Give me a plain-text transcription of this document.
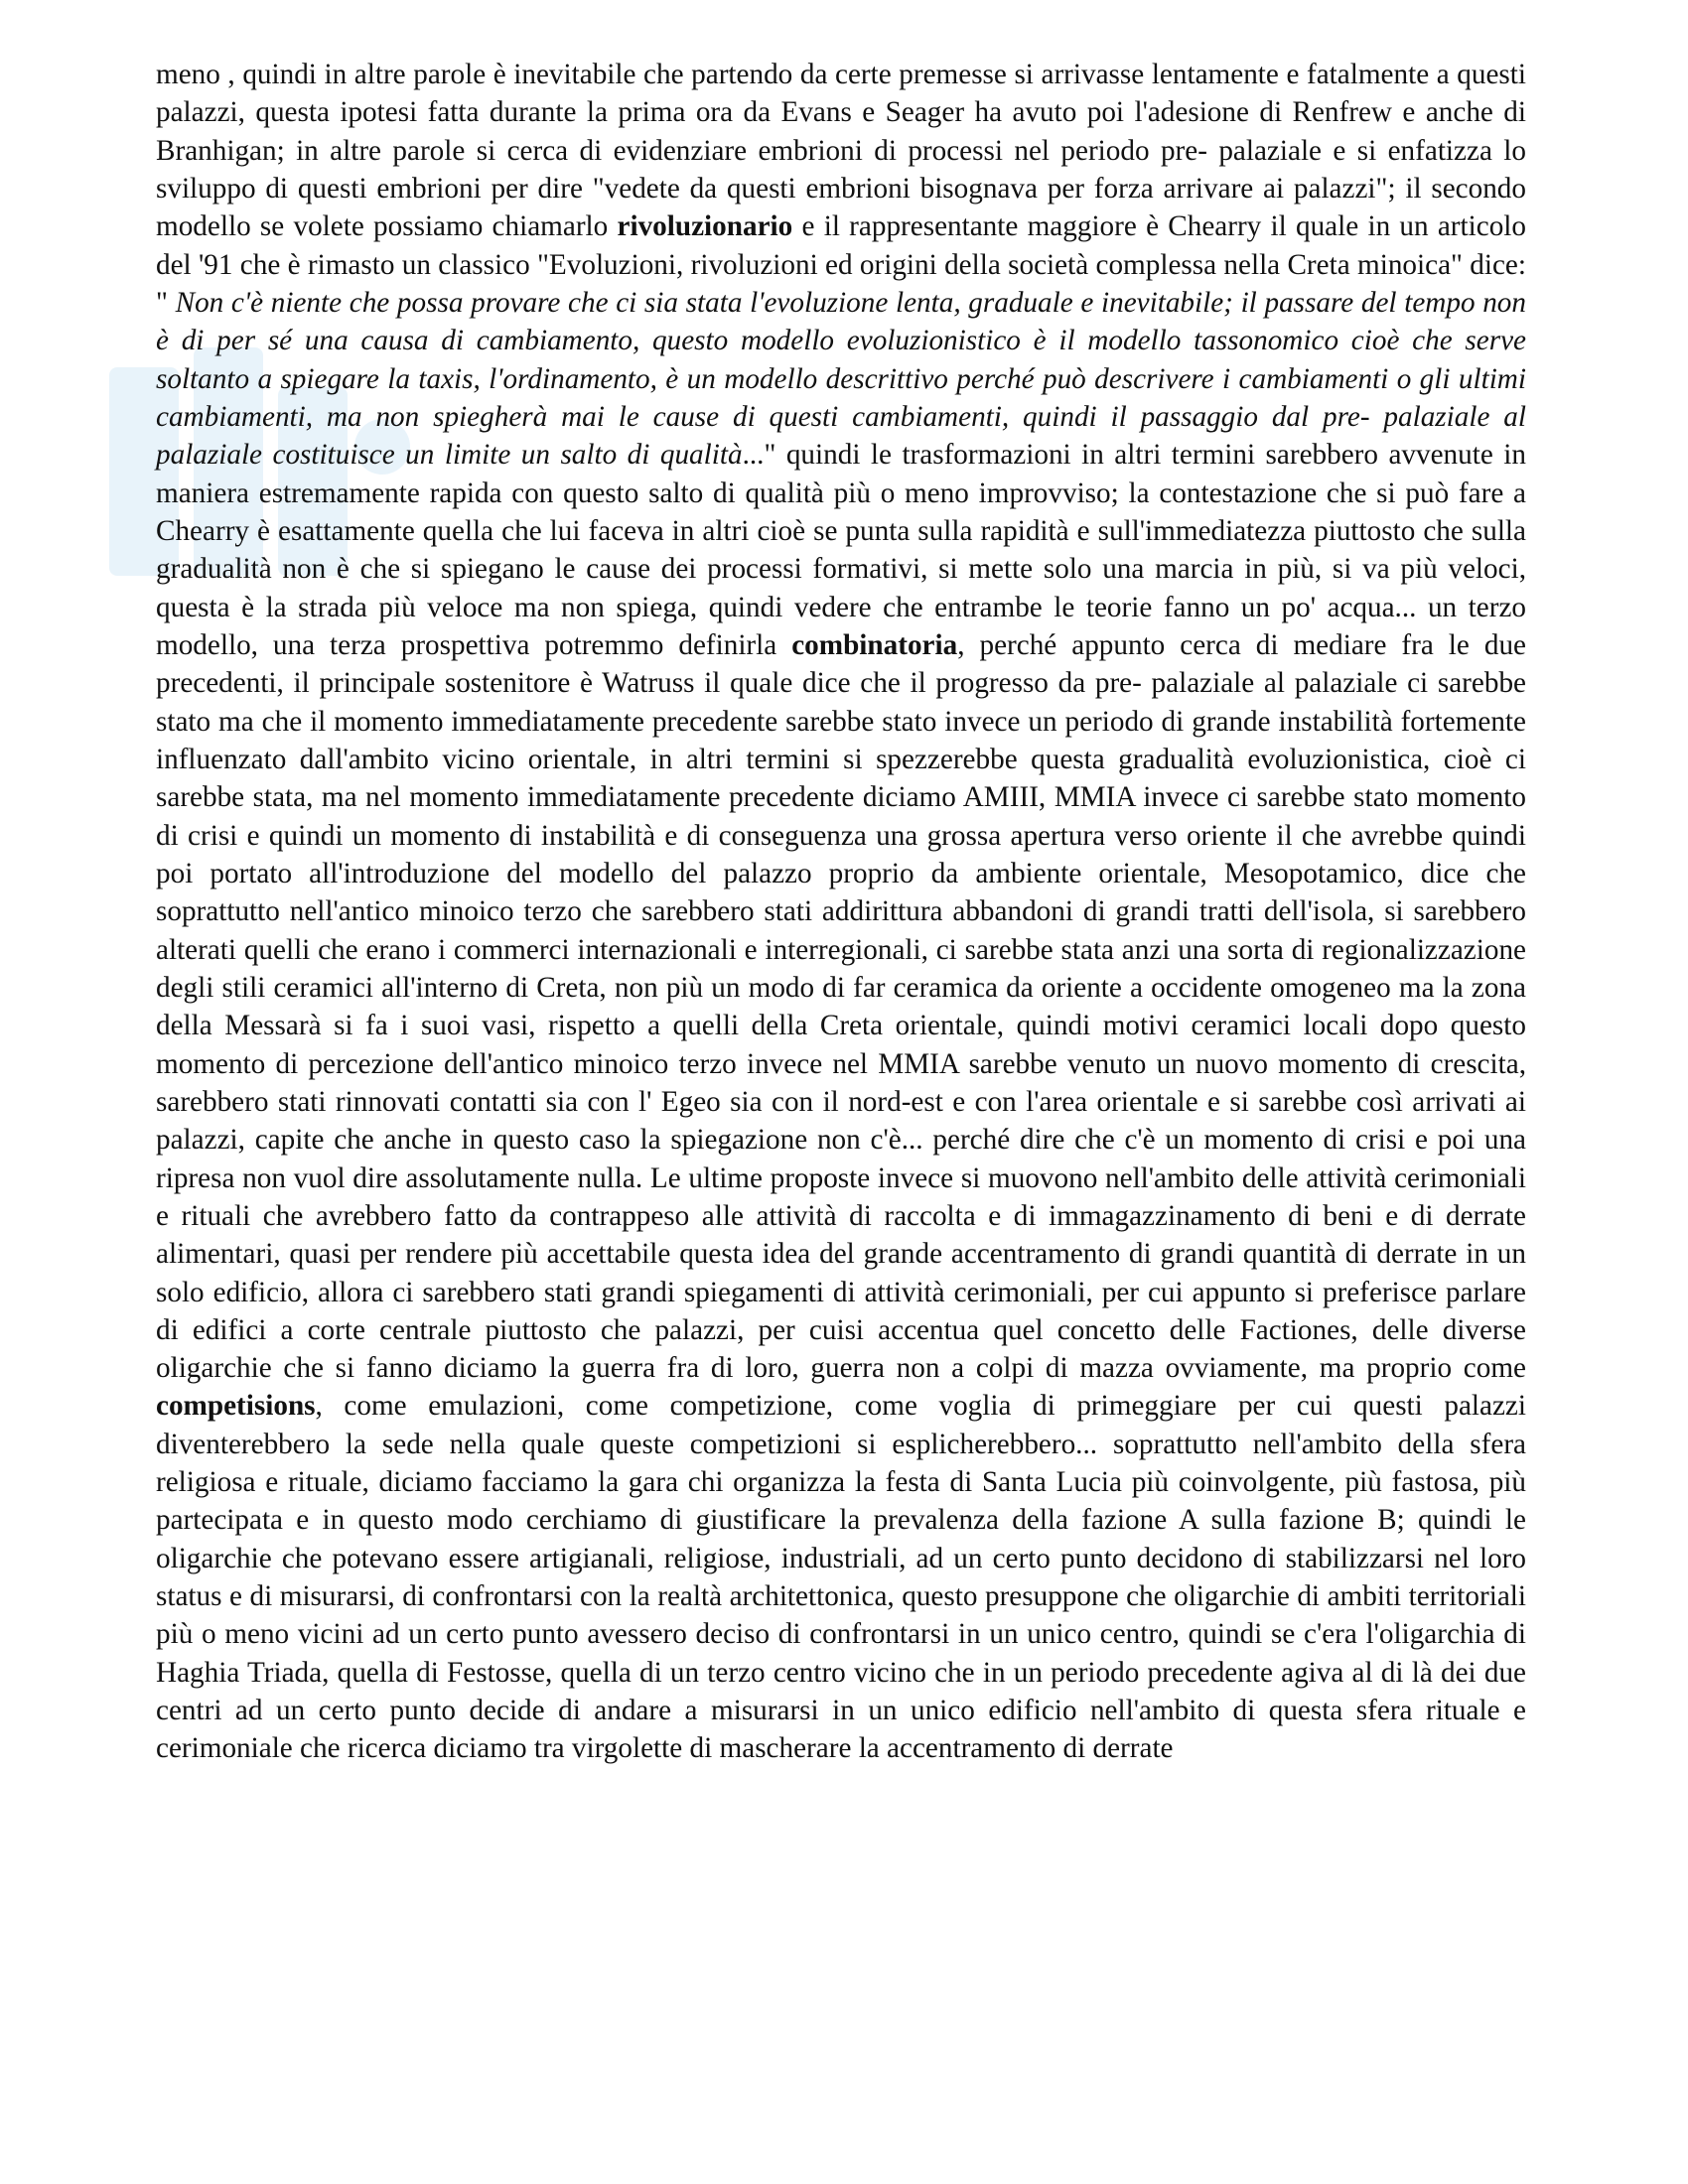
meno , quindi in altre parole è inevitabile che partendo da certe premesse si arrivasse lentamente e fatalmente a questi palazzi, questa ipotesi fatta durante la prima ora da Evans e Seager ha avuto poi l'adesione di Renfrew e anche di Branhigan; in altre parole si cerca di evidenziare embrioni di processi nel periodo pre- palaziale e si enfatizza lo sviluppo di questi embrioni per dire "vedete da questi embrioni bisognava per forza arrivare ai palazzi"; il secondo modello se volete possiamo chiamarlo rivoluzionario e il rappresentante maggiore è Chearry il quale in un articolo del '91 che è rimasto un classico "Evoluzioni, rivoluzioni ed origini della società complessa nella Creta minoica" dice: " Non c'è niente che possa provare che ci sia stata l'evoluzione lenta, graduale e inevitabile; il passare del tempo non è di per sé una causa di cambiamento, questo modello evoluzionistico è il modello tassonomico cioè che serve soltanto a spiegare la taxis, l'ordinamento, è un modello descrittivo perché può descrivere i cambiamenti o gli ultimi cambiamenti, ma non spiegherà mai le cause di questi cambiamenti, quindi il passaggio dal pre- palaziale al palaziale costituisce un limite un salto di qualità..." quindi le trasformazioni in altri termini sarebbero avvenute in maniera estremamente rapida con questo salto di qualità più o meno improvviso; la contestazione che si può fare a Chearry è esattamente quella che lui faceva in altri cioè se punta sulla rapidità e sull'immediatezza piuttosto che sulla gradualità non è che si spiegano le cause dei processi formativi, si mette solo una marcia in più, si va più veloci, questa è la strada più veloce ma non spiega, quindi vedere che entrambe le teorie fanno un po' acqua... un terzo modello, una terza prospettiva potremmo definirla combinatoria, perché appunto cerca di mediare fra le due precedenti, il principale sostenitore è Watruss il quale dice che il progresso da pre- palaziale al palaziale ci sarebbe stato ma che il momento immediatamente precedente sarebbe stato invece un periodo di grande instabilità fortemente influenzato dall'ambito vicino orientale, in altri termini si spezzerebbe questa gradualità evoluzionistica, cioè ci sarebbe stata, ma nel momento immediatamente precedente diciamo AMIII, MMIA invece ci sarebbe stato momento di crisi e quindi un momento di instabilità e di conseguenza una grossa apertura verso oriente il che avrebbe quindi poi portato all'introduzione del modello del palazzo proprio da ambiente orientale, Mesopotamico, dice che soprattutto nell'antico minoico terzo che sarebbero stati addirittura abbandoni di grandi tratti dell'isola, si sarebbero alterati quelli che erano i commerci internazionali e interregionali, ci sarebbe stata anzi una sorta di regionalizzazione degli stili ceramici all'interno di Creta, non più un modo di far ceramica da oriente a occidente omogeneo ma la zona della Messarà si fa i suoi vasi, rispetto a quelli della Creta orientale, quindi motivi ceramici locali dopo questo momento di percezione dell'antico minoico terzo invece nel MMIA sarebbe venuto un nuovo momento di crescita, sarebbero stati rinnovati contatti sia con l' Egeo sia con il nord-est e con l'area orientale e si sarebbe così arrivati ai palazzi, capite che anche in questo caso la spiegazione non c'è... perché dire che c'è un momento di crisi e poi una ripresa non vuol dire assolutamente nulla. Le ultime proposte invece si muovono nell'ambito delle attività cerimoniali e rituali che avrebbero fatto da contrappeso alle attività di raccolta e di immagazzinamento di beni e di derrate alimentari, quasi per rendere più accettabile questa idea del grande accentramento di grandi quantità di derrate in un solo edificio, allora ci sarebbero stati grandi spiegamenti di attività cerimoniali, per cui appunto si preferisce parlare di edifici a corte centrale piuttosto che palazzi, per cuisi accentua quel concetto delle Factiones, delle diverse oligarchie che si fanno diciamo la guerra fra di loro, guerra non a colpi di mazza ovviamente, ma proprio come competisions, come emulazioni, come competizione, come voglia di primeggiare per cui questi palazzi diventerebbero la sede nella quale queste competizioni si esplicherebbero... soprattutto nell'ambito della sfera religiosa e rituale, diciamo facciamo la gara chi organizza la festa di Santa Lucia più coinvolgente, più fastosa, più partecipata e in questo modo cerchiamo di giustificare la prevalenza della fazione A sulla fazione B; quindi le oligarchie che potevano essere artigianali, religiose, industriali, ad un certo punto decidono di stabilizzarsi nel loro status e di misurarsi, di confrontarsi con la realtà architettonica, questo presuppone che oligarchie di ambiti territoriali più o meno vicini ad un certo punto avessero deciso di confrontarsi in un unico centro, quindi se c'era l'oligarchia di Haghia Triada, quella di Festosse, quella di un terzo centro vicino che in un periodo precedente agiva al di là dei due centri ad un certo punto decide di andare a misurarsi in un unico edificio nell'ambito di questa sfera rituale e cerimoniale che ricerca diciamo tra virgolette di mascherare la accentramento di derrate
